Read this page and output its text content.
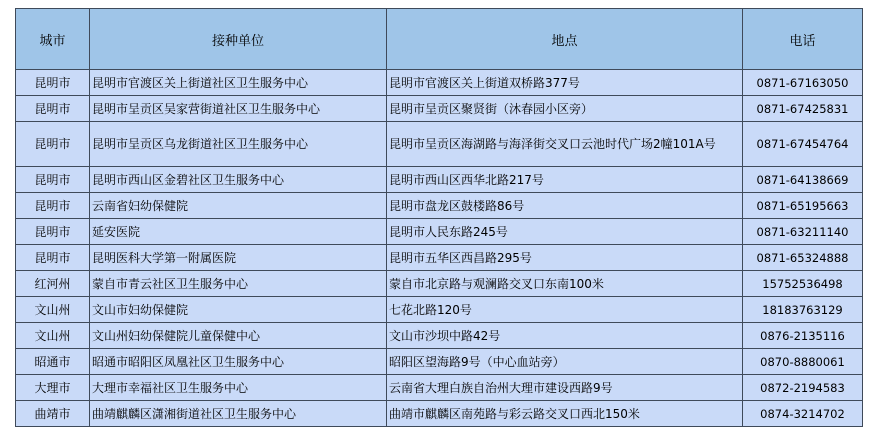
城市	接种单位	地点	电话
昆明市	昆明市官渡区关上街道社区卫生服务中心	昆明市官渡区关上街道双桥路377号	0871-67163050
昆明市	昆明市呈贡区吴家营街道社区卫生服务中心	昆明市呈贡区聚贤街（沐春园小区旁）	0871-67425831
昆明市	昆明市呈贡区乌龙街道社区卫生服务中心	昆明市呈贡区海湖路与海泽街交叉口云池时代广场2幢101A号	0871-67454764
昆明市	昆明市西山区金碧社区卫生服务中心	昆明市西山区西华北路217号	0871-64138669
昆明市	云南省妇幼保健院	昆明市盘龙区鼓楼路86号	0871-65195663
昆明市	延安医院	昆明市人民东路245号	0871-63211140
昆明市	昆明医科大学第一附属医院	昆明市五华区西昌路295号	0871-65324888
红河州	蒙自市青云社区卫生服务中心	蒙自市北京路与观澜路交叉口东南100米	15752536498
文山州	文山市妇幼保健院	七花北路120号	18183763129
文山州	文山州妇幼保健院儿童保健中心	文山市沙坝中路42号	0876-2135116
昭通市	昭通市昭阳区凤凰社区卫生服务中心	昭阳区望海路9号（中心血站旁）	0870-8880061
大理市	大理市幸福社区卫生服务中心	云南省大理白族自治州大理市建设西路9号	0872-2194583
曲靖市	曲靖麒麟区潇湘街道社区卫生服务中心	曲靖市麒麟区南苑路与彩云路交叉口西北150米	0874-3214702
